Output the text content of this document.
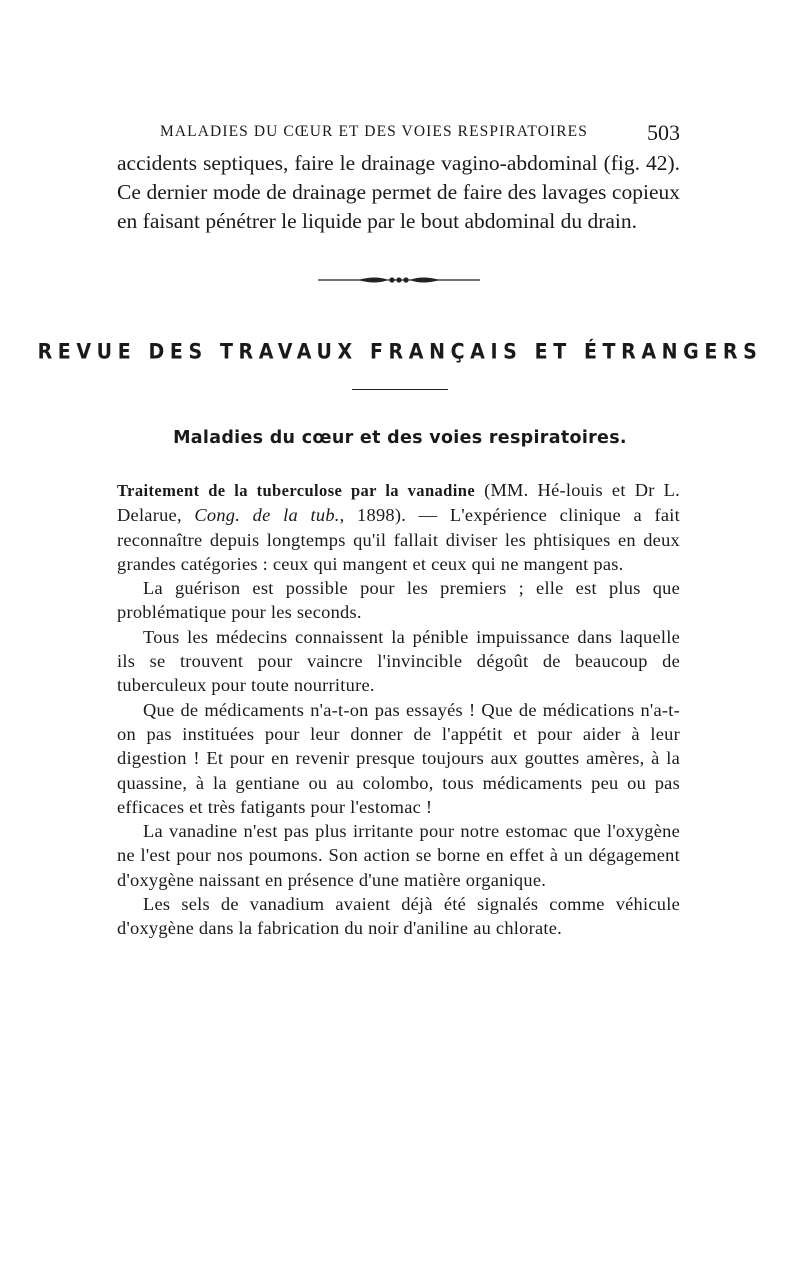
MALADIES DU CŒUR ET DES VOIES RESPIRATOIRES	503

accidents septiques, faire le drainage vagino-abdominal (fig. 42). Ce dernier mode de drainage permet de faire des lavages copieux en faisant pénétrer le liquide par le bout abdominal du drain.

REVUE DES TRAVAUX FRANÇAIS ET ÉTRANGERS
Maladies du cœur et des voies respiratoires.

Traitement de la tuberculose par la vanadine (MM. Hé-louis et Dr L. Delarue, Cong. de la tub., 1898). — L'expérience clinique a fait reconnaître depuis longtemps qu'il fallait diviser les phtisiques en deux grandes catégories : ceux qui mangent et ceux qui ne mangent pas.

La guérison est possible pour les premiers ; elle est plus que problématique pour les seconds.

Tous les médecins connaissent la pénible impuissance dans laquelle ils se trouvent pour vaincre l'invincible dégoût de beaucoup de tuberculeux pour toute nourriture.

Que de médicaments n'a-t-on pas essayés ! Que de médications n'a-t-on pas instituées pour leur donner de l'appétit et pour aider à leur digestion ! Et pour en revenir presque toujours aux gouttes amères, à la quassine, à la gentiane ou au colombo, tous médicaments peu ou pas efficaces et très fatigants pour l'estomac !

La vanadine n'est pas plus irritante pour notre estomac que l'oxygène ne l'est pour nos poumons. Son action se borne en effet à un dégagement d'oxygène naissant en présence d'une matière organique.

Les sels de vanadium avaient déjà été signalés comme véhicule d'oxygène dans la fabrication du noir d'aniline au chlorate.
